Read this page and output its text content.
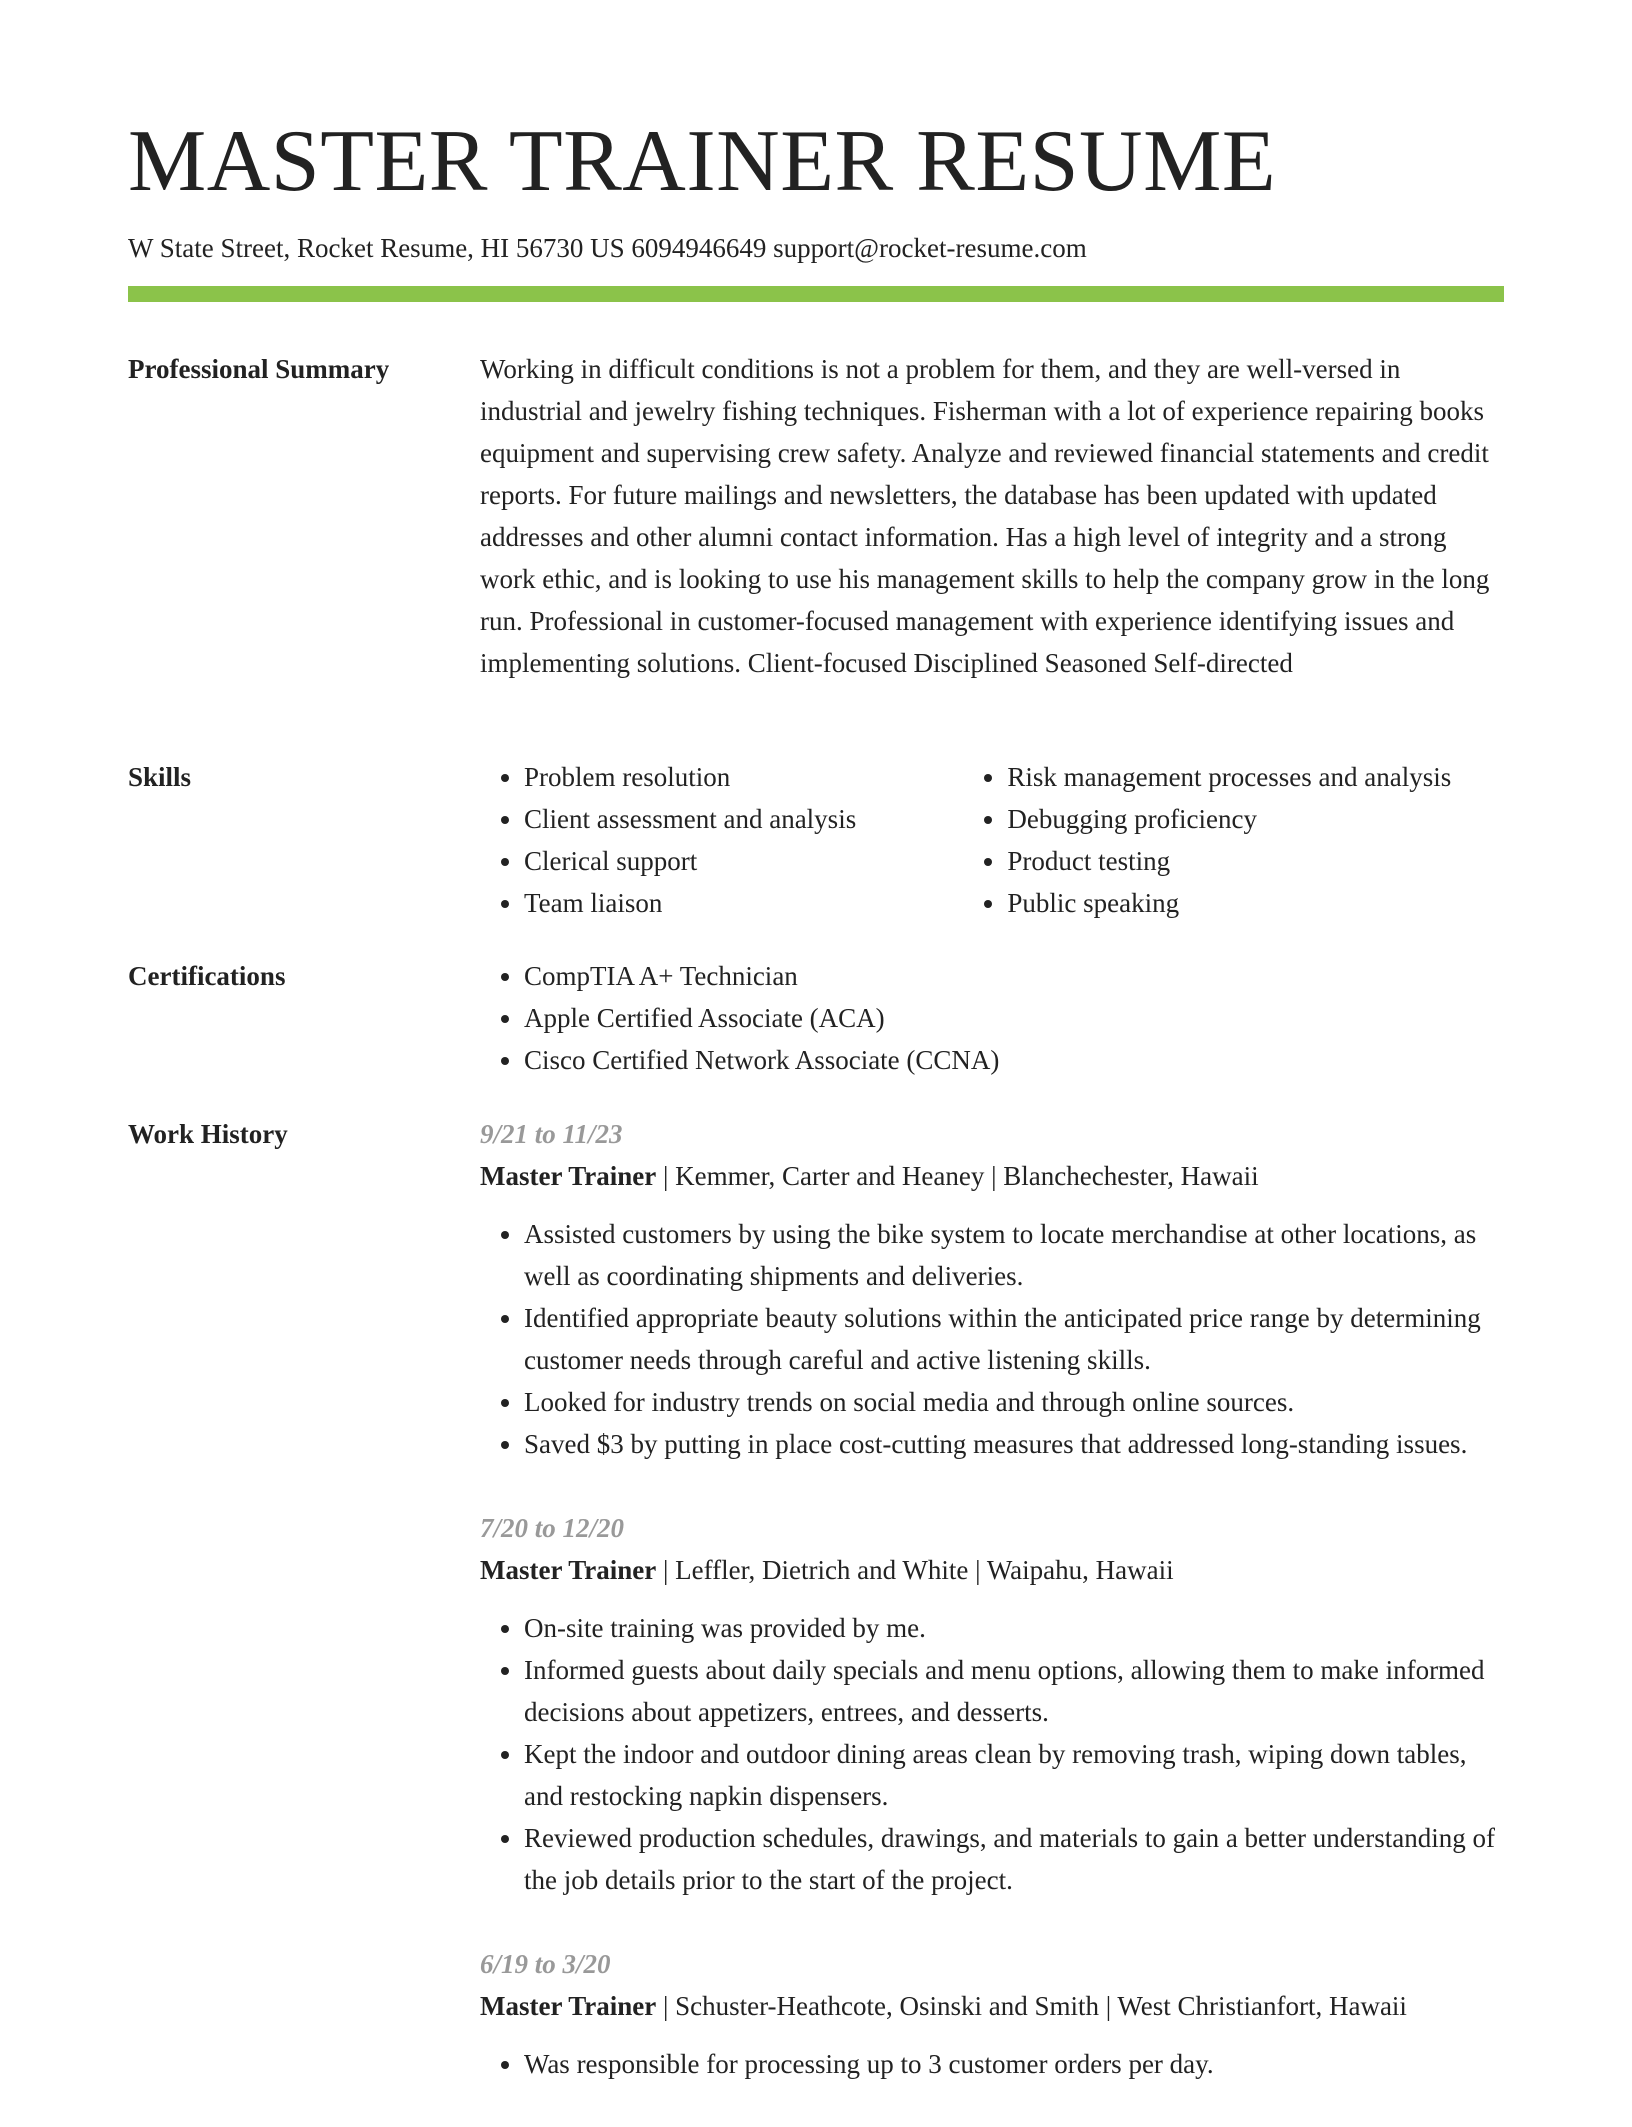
MASTER TRAINER RESUME
W State Street, Rocket Resume, HI 56730 US 6094946649 support@rocket-resume.com
Professional Summary	Working in difficult conditions is not a problem for them, and they are well-versed in industrial and jewelry fishing techniques. Fisherman with a lot of experience repairing books equipment and supervising crew safety. Analyze and reviewed financial statements and credit reports. For future mailings and newsletters, the database has been updated with updated addresses and other alumni contact information. Has a high level of integrity and a strong work ethic, and is looking to use his management skills to help the company grow in the long run. Professional in customer-focused management with experience identifying issues and implementing solutions. Client-focused Disciplined Seasoned Self-directed
Skills	• Problem resolution
• Client assessment and analysis
• Clerical support
• Team liaison
• Risk management processes and analysis
• Debugging proficiency
• Product testing
• Public speaking
Certifications	• CompTIA A+ Technician
• Apple Certified Associate (ACA)
• Cisco Certified Network Associate (CCNA)
Work History	9/21 to 11/23
Master Trainer | Kemmer, Carter and Heaney | Blanchechester, Hawaii
• Assisted customers by using the bike system to locate merchandise at other locations, as well as coordinating shipments and deliveries.
• Identified appropriate beauty solutions within the anticipated price range by determining customer needs through careful and active listening skills.
• Looked for industry trends on social media and through online sources.
• Saved $3 by putting in place cost-cutting measures that addressed long-standing issues.
7/20 to 12/20
Master Trainer | Leffler, Dietrich and White | Waipahu, Hawaii
• On-site training was provided by me.
• Informed guests about daily specials and menu options, allowing them to make informed decisions about appetizers, entrees, and desserts.
• Kept the indoor and outdoor dining areas clean by removing trash, wiping down tables, and restocking napkin dispensers.
• Reviewed production schedules, drawings, and materials to gain a better understanding of the job details prior to the start of the project.
6/19 to 3/20
Master Trainer | Schuster-Heathcote, Osinski and Smith | West Christianfort, Hawaii
• Was responsible for processing up to 3 customer orders per day.
